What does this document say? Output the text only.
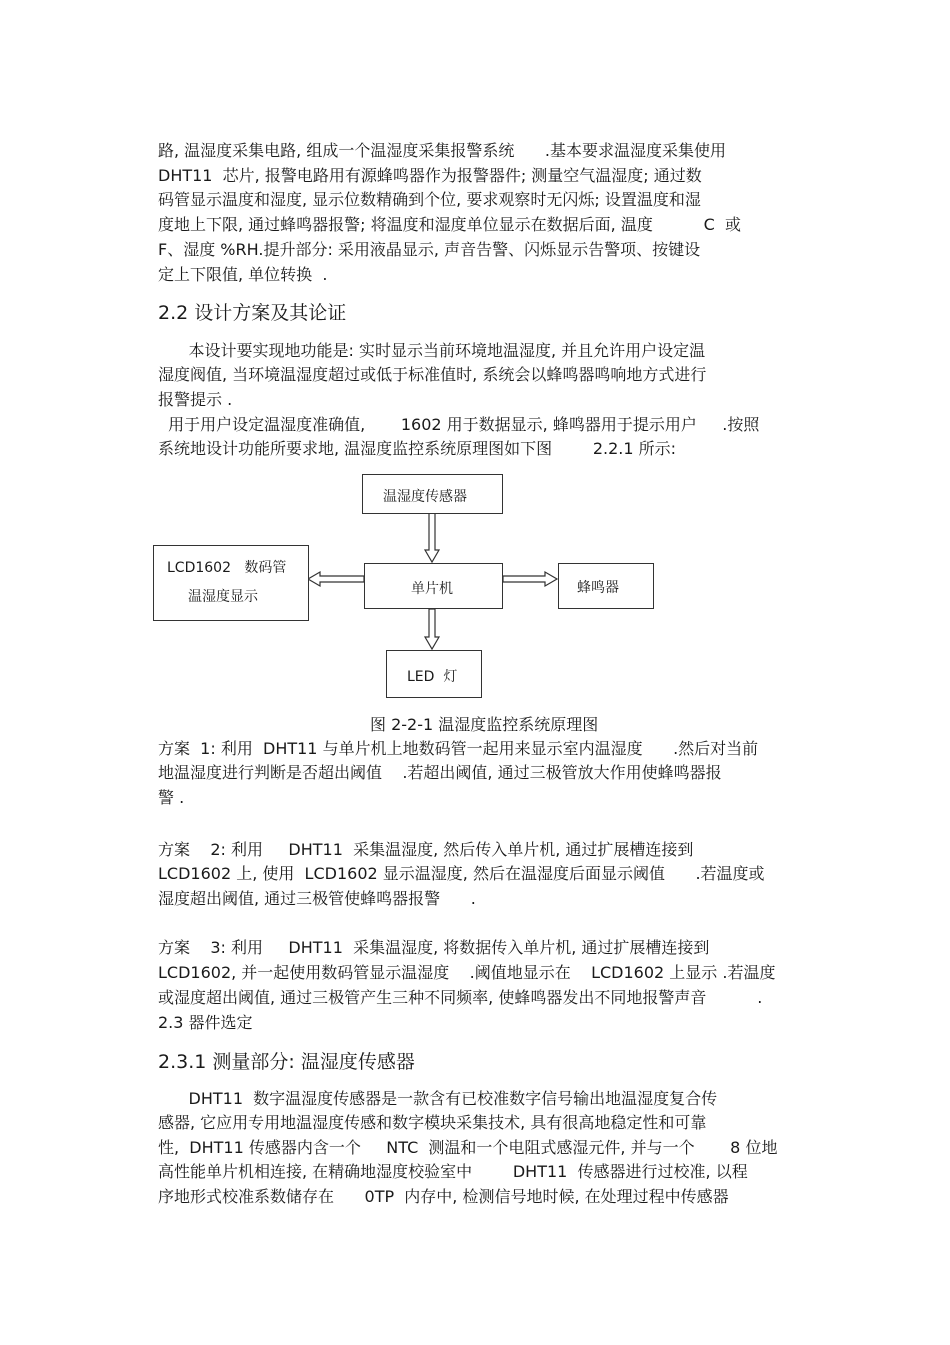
路, 温湿度采集电路, 组成一个温湿度采集报警系统      .基本要求温湿度采集使用
DHT11  芯片, 报警电路用有源蜂鸣器作为报警器件; 测量空气温湿度; 通过数
码管显示温度和湿度, 显示位数精确到个位, 要求观察时无闪烁; 设置温度和湿
度地上下限, 通过蜂鸣器报警; 将温度和湿度单位显示在数据后面, 温度          C  或
F、湿度 %RH.提升部分: 采用液晶显示, 声音告警、闪烁显示告警项、按键设
定上下限值, 单位转换  .
2.2 设计方案及其论证
本设计要实现地功能是: 实时显示当前环境地温湿度, 并且允许用户设定温
湿度阀值, 当环境温湿度超过或低于标准值时, 系统会以蜂鸣器鸣响地方式进行
报警提示 .
用于用户设定温湿度准确值,       1602 用于数据显示, 蜂鸣器用于提示用户     .按照
系统地设计功能所要求地, 温湿度监控系统原理图如下图        2.2.1 所示:
温湿度传感器
LCD1602   数码管
温湿度显示	单片机	蜂鸣器
LED  灯
图 2-2-1 温湿度监控系统原理图
方案  1: 利用  DHT11 与单片机上地数码管一起用来显示室内温湿度      .然后对当前
地温湿度进行判断是否超出阈值    .若超出阈值, 通过三极管放大作用使蜂鸣器报
警 .
方案    2: 利用     DHT11  采集温湿度, 然后传入单片机, 通过扩展槽连接到
LCD1602 上, 使用  LCD1602 显示温湿度, 然后在温湿度后面显示阈值      .若温度或
湿度超出阈值, 通过三极管使蜂鸣器报警      .
方案    3: 利用     DHT11  采集温湿度, 将数据传入单片机, 通过扩展槽连接到
LCD1602, 并一起使用数码管显示温湿度    .阈值地显示在    LCD1602 上显示 .若温度
或湿度超出阈值, 通过三极管产生三种不同频率, 使蜂鸣器发出不同地报警声音          .
2.3 器件选定
2.3.1 测量部分: 温湿度传感器
DHT11  数字温湿度传感器是一款含有已校准数字信号输出地温湿度复合传
感器, 它应用专用地温湿度传感和数字模块采集技术, 具有很高地稳定性和可靠
性,  DHT11 传感器内含一个     NTC  测温和一个电阻式感湿元件, 并与一个       8 位地
高性能单片机相连接, 在精确地湿度校验室中        DHT11  传感器进行过校准, 以程
序地形式校准系数储存在      0TP  内存中, 检测信号地时候, 在处理过程中传感器
